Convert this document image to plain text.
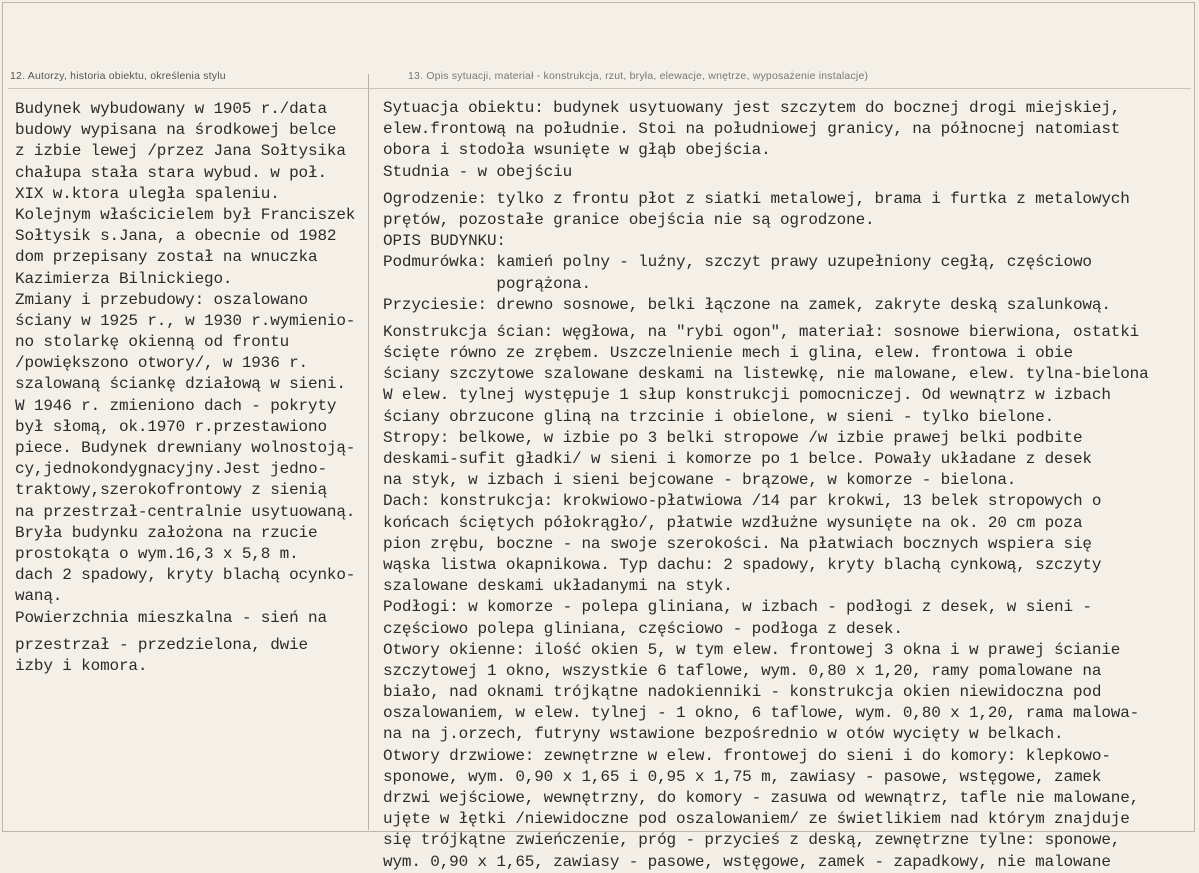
12. Autorzy, historia obiektu, określenia stylu	13. Opis sytuacji, materiał - konstrukcja, rzut, bryła, elewacje, wnętrze, wyposażenie instalacje)
Budynek wybudowany w 1905 r./data
budowy wypisana na środkowej belce
z izbie lewej /przez Jana Sołtysika
chałupa stała stara wybud. w poł.
XIX w.ktora uległa spaleniu.
Kolejnym właścicielem był Franciszek
Sołtysik s.Jana, a obecnie od 1982
dom przepisany został na wnuczka
Kazimierza Bilnickiego.
Zmiany i przebudowy: oszalowano
ściany w 1925 r., w 1930 r.wymienio-
no stolarkę okienną od frontu
/powiększono otwory/, w 1936 r.
szalowaną ściankę działową w sieni.
W 1946 r. zmieniono dach - pokryty
był słomą, ok.1970 r.przestawiono
piece. Budynek drewniany wolnostoją-
cy,jednokondygnacyjny.Jest jedno-
traktowy,szerokofrontowy z sienią
na przestrzał-centralnie usytuowaną.
Bryła budynku założona na rzucie
prostokąta o wym.16,3 x 5,8 m.
dach 2 spadowy, kryty blachą ocynko-
waną.
Powierzchnia mieszkalna - sień na
przestrzał - przedzielona, dwie
izby i komora.
Sytuacja obiektu: budynek usytuowany jest szczytem do bocznej drogi miejskiej,
elew.frontową na południe. Stoi na południowej granicy, na północnej natomiast
obora i stodoła wsunięte w głąb obejścia.
Studnia - w obejściu
Ogrodzenie: tylko z frontu płot z siatki metalowej, brama i furtka z metalowych
prętów, pozostałe granice obejścia nie są ogrodzone.
OPIS BUDYNKU:
Podmurówka: kamień polny - luźny, szczyt prawy uzupełniony cegłą, częściowo
pogrążona.
Przyciesie: drewno sosnowe, belki łączone na zamek, zakryte deską szalunkową.
Konstrukcja ścian: węgłowa, na "rybi ogon", materiał: sosnowe bierwiona, ostatki
ścięte równo ze zrębem. Uszczelnienie mech i glina, elew. frontowa i obie
ściany szczytowe szalowane deskami na listewkę, nie malowane, elew. tylna-bielona
W elew. tylnej występuje 1 słup konstrukcji pomocniczej. Od wewnątrz w izbach
ściany obrzucone gliną na trzcinie i obielone, w sieni - tylko bielone.
Stropy: belkowe, w izbie po 3 belki stropowe /w izbie prawej belki podbite
deskami-sufit gładki/ w sieni i komorze po 1 belce. Powały układane z desek
na styk, w izbach i sieni bejcowane - brązowe, w komorze - bielona.
Dach: konstrukcja: krokwiowo-płatwiowa /14 par krokwi, 13 belek stropowych o
końcach ściętych półokrągło/, płatwie wzdłużne wysunięte na ok. 20 cm poza
pion zrębu, boczne - na swoje szerokości. Na płatwiach bocznych wspiera się
wąska listwa okapnikowa. Typ dachu: 2 spadowy, kryty blachą cynkową, szczyty
szalowane deskami układanymi na styk.
Podłogi: w komorze - polepa gliniana, w izbach - podłogi z desek, w sieni -
częściowo polepa gliniana, częściowo - podłoga z desek.
Otwory okienne: ilość okien 5, w tym elew. frontowej 3 okna i w prawej ścianie
szczytowej 1 okno, wszystkie 6 taflowe, wym. 0,80 x 1,20, ramy pomalowane na
biało, nad oknami trójkątne nadokienniki - konstrukcja okien niewidoczna pod
oszalowaniem, w elew. tylnej - 1 okno, 6 taflowe, wym. 0,80 x 1,20, rama malowa-
na na j.orzech, futryny wstawione bezpośrednio w otów wycięty w belkach.
Otwory drzwiowe: zewnętrzne w elew. frontowej do sieni i do komory: klepkowo-
sponowe, wym. 0,90 x 1,65 i 0,95 x 1,75 m, zawiasy - pasowe, wstęgowe, zamek
drzwi wejściowe, wewnętrzny, do komory - zasuwa od wewnątrz, tafle nie malowane,
ujęte w łętki /niewidoczne pod oszalowaniem/ ze świetlikiem nad którym znajduje
się trójkątne zwieńczenie, próg - przycieś z deską, zewnętrzne tylne: sponowe,
wym. 0,90 x 1,65, zawiasy - pasowe, wstęgowe, zamek - zapadkowy, nie malowane
